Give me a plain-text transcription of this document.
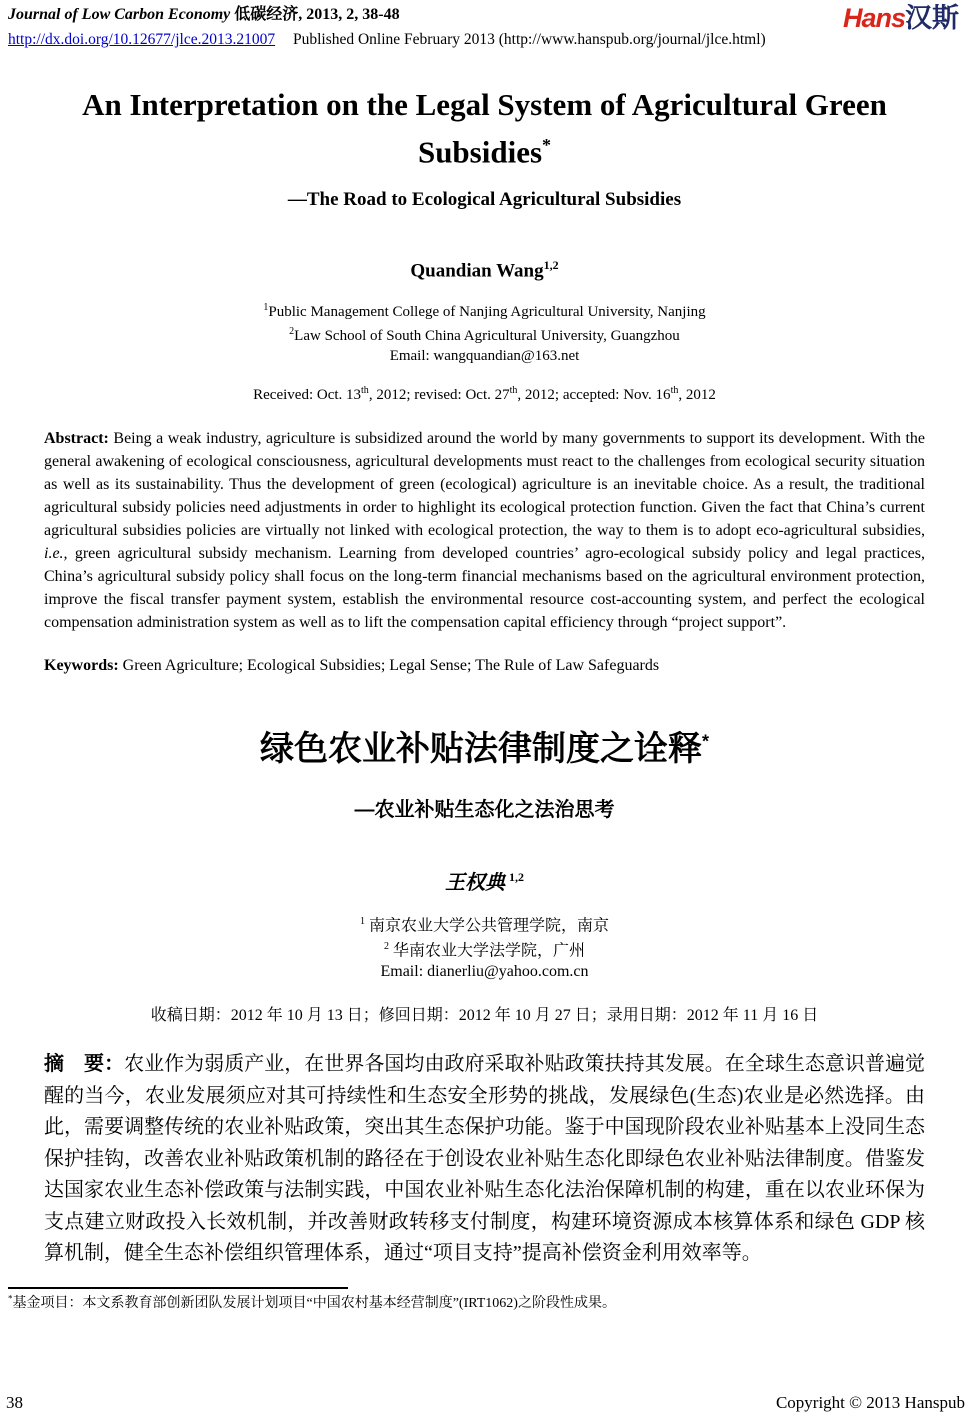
Journal of Low Carbon Economy 低碳经济, 2013, 2, 38-48
http://dx.doi.org/10.12677/jlce.2013.21007 Published Online February 2013 (http://www.hanspub.org/journal/jlce.html)
Hans汉斯
An Interpretation on the Legal System of Agricultural Green Subsidies*
—The Road to Ecological Agricultural Subsidies
Quandian Wang$^{1,2}$
$^1$Public Management College of Nanjing Agricultural University, Nanjing
$^2$Law School of South China Agricultural University, Guangzhou
Email: wangquandian@163.net
Received: Oct. 13th, 2012; revised: Oct. 27th, 2012; accepted: Nov. 16th, 2012
Abstract: Being a weak industry, agriculture is subsidized around the world by many governments to support its development. With the general awakening of ecological consciousness, agricultural developments must react to the challenges from ecological security situation as well as its sustainability. Thus the development of green (ecological) agriculture is an inevitable choice. As a result, the traditional agricultural subsidy policies need adjustments in order to highlight its ecological protection function. Given the fact that China’s current agricultural subsidies policies are virtually not linked with ecological protection, the way to them is to adopt eco-agricultural subsidies, i.e., green agricultural subsidy mechanism. Learning from developed countries’ agro-ecological subsidy policy and legal practices, China’s agricultural subsidy policy shall focus on the long-term financial mechanisms based on the agricultural environment protection, improve the fiscal transfer payment system, establish the environmental resource cost-accounting system, and perfect the ecological compensation administration system as well as to lift the compensation capital efficiency through “project support”.
Keywords: Green Agriculture; Ecological Subsidies; Legal Sense; The Rule of Law Safeguards
绿色农业补贴法律制度之诠释*
—农业补贴生态化之法治思考
王权典 $^{1,2}$
$^1$ 南京农业大学公共管理学院，南京
$^2$ 华南农业大学法学院，广州
Email: dianerliu@yahoo.com.cn
收稿日期：2012 年 10 月 13 日；修回日期：2012 年 10 月 27 日；录用日期：2012 年 11 月 16 日
摘　要：农业作为弱质产业，在世界各国均由政府采取补贴政策扶持其发展。在全球生态意识普遍觉醒的当今，农业发展须应对其可持续性和生态安全形势的挑战，发展绿色(生态)农业是必然选择。由此，需要调整传统的农业补贴政策，突出其生态保护功能。鉴于中国现阶段农业补贴基本上没同生态保护挂钩，改善农业补贴政策机制的路径在于创设农业补贴生态化即绿色农业补贴法律制度。借鉴发达国家农业生态补偿政策与法制实践，中国农业补贴生态化法治保障机制的构建，重在以农业环保为支点建立财政投入长效机制，并改善财政转移支付制度，构建环境资源成本核算体系和绿色 GDP 核算机制，健全生态补偿组织管理体系，通过“项目支持”提高补偿资金利用效率等。
*基金项目：本文系教育部创新团队发展计划项目“中国农村基本经营制度”(IRT1062)之阶段性成果。
38	Copyright © 2013 Hanspub
